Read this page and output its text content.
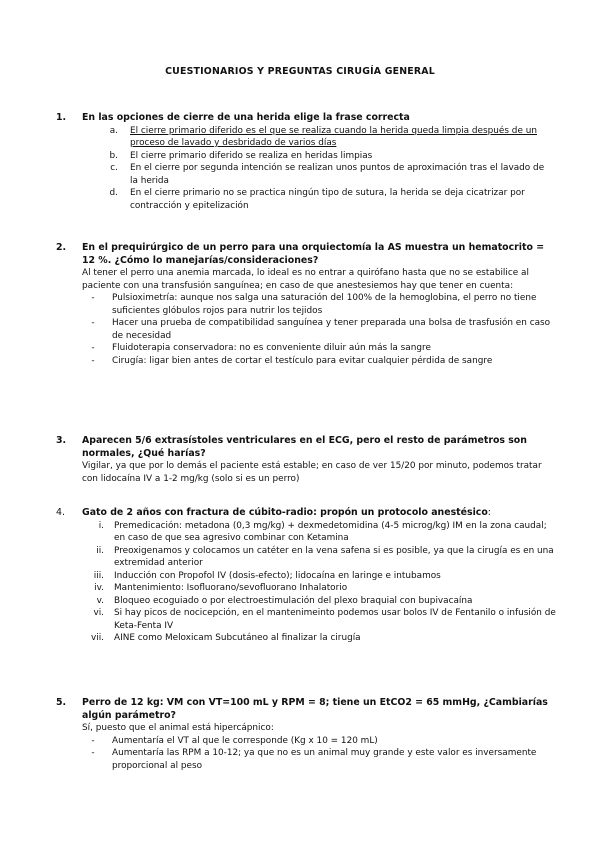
CUESTIONARIOS Y PREGUNTAS CIRUGÍA GENERAL
1.	En las opciones de cierre de una herida elige la frase correcta
a.	El cierre primario diferido es el que se realiza cuando la herida queda limpia después de un proceso de lavado y desbridado de varios días
b.	El cierre primario diferido se realiza en heridas limpias
c.	En el cierre por segunda intención se realizan unos puntos de aproximación tras el lavado de la herida
d.	En el cierre primario no se practica ningún tipo de sutura, la herida se deja cicatrizar por contracción y epitelización
2.	En el prequirúrgico de un perro para una orquiectomía la AS muestra un hematocrito = 12 %. ¿Cómo lo manejarías/consideraciones?
Al tener el perro una anemia marcada, lo ideal es no entrar a quirófano hasta que no se estabilice al paciente con una transfusión sanguínea; en caso de que anestesiemos hay que tener en cuenta:
-	Pulsioximetría: aunque nos salga una saturación del 100% de la hemoglobina, el perro no tiene suficientes glóbulos rojos para nutrir los tejidos
-	Hacer una prueba de compatibilidad sanguínea y tener preparada una bolsa de trasfusión en caso de necesidad
-	Fluidoterapia conservadora: no es conveniente diluir aún más la sangre
-	Cirugía: ligar bien antes de cortar el testículo para evitar cualquier pérdida de sangre
3.	Aparecen 5/6 extrasístoles ventriculares en el ECG, pero el resto de parámetros son normales, ¿Qué harías?
Vigilar, ya que por lo demás el paciente está estable; en caso de ver 15/20 por minuto, podemos tratar con lidocaína IV a 1-2 mg/kg (solo si es un perro)
4.	Gato de 2 años con fractura de cúbito-radio: propón un protocolo anestésico:
i.	Premedicación: metadona (0,3 mg/kg) + dexmedetomidina (4-5 microg/kg) IM en la zona caudal; en caso de que sea agresivo combinar con Ketamina
ii.	Preoxigenamos y colocamos un catéter en la vena safena si es posible, ya que la cirugía es en una extremidad anterior
iii.	Inducción con Propofol IV (dosis-efecto); lidocaína en laringe e intubamos
iv.	Mantenimiento: Isofluorano/sevofluorano Inhalatorio
v.	Bloqueo ecoguiado o por electroestimulación del plexo braquial con bupivacaína
vi.	Si hay picos de nocicepción, en el mantenimeinto podemos usar bolos IV de Fentanilo o infusión de Keta-Fenta IV
vii.	AINE como Meloxicam Subcutáneo al finalizar la cirugía
5.	Perro de 12 kg: VM con VT=100 mL y RPM = 8; tiene un EtCO2 = 65 mmHg, ¿Cambiarías algún parámetro?
Sí, puesto que el animal está hipercápnico:
-	Aumentaría el VT al que le corresponde (Kg x 10 = 120 mL)
-	Aumentaría las RPM a 10-12; ya que no es un animal muy grande y este valor es inversamente proporcional al peso
